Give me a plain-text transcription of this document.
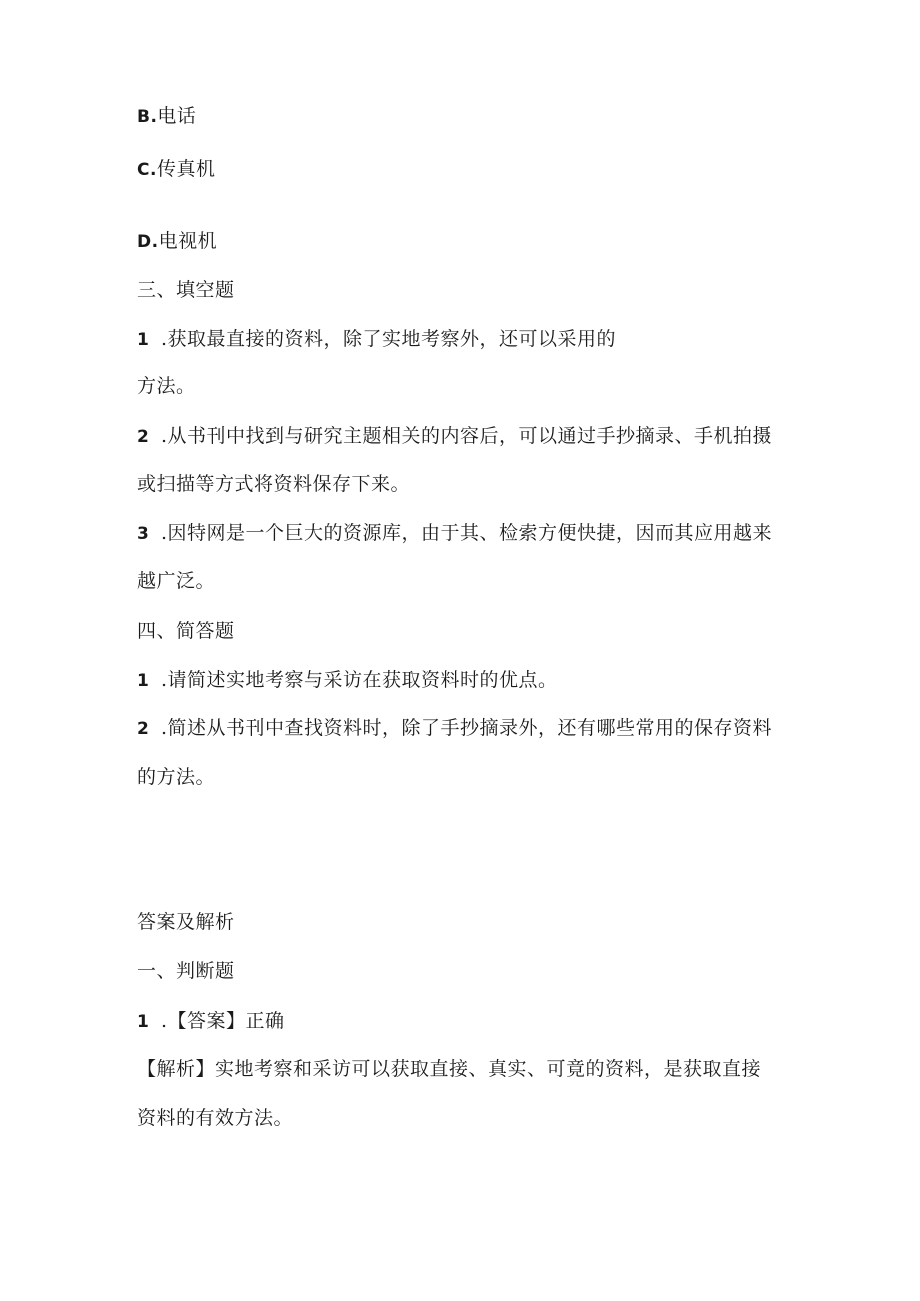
B.电话
C.传真机
D.电视机
三、填空题
1 .获取最直接的资料，除了实地考察外，还可以采用的
方法。
2 .从书刊中找到与研究主题相关的内容后，可以通过手抄摘录、手机拍摄
或扫描等方式将资料保存下来。
3 .因特网是一个巨大的资源库，由于其、检索方便快捷，因而其应用越来
越广泛。
四、简答题
1 .请简述实地考察与采访在获取资料时的优点。
2 .简述从书刊中查找资料时，除了手抄摘录外，还有哪些常用的保存资料
的方法。
答案及解析
一、判断题
1 .【答案】正确
【解析】实地考察和采访可以获取直接、真实、可竟的资料，是获取直接
资料的有效方法。
